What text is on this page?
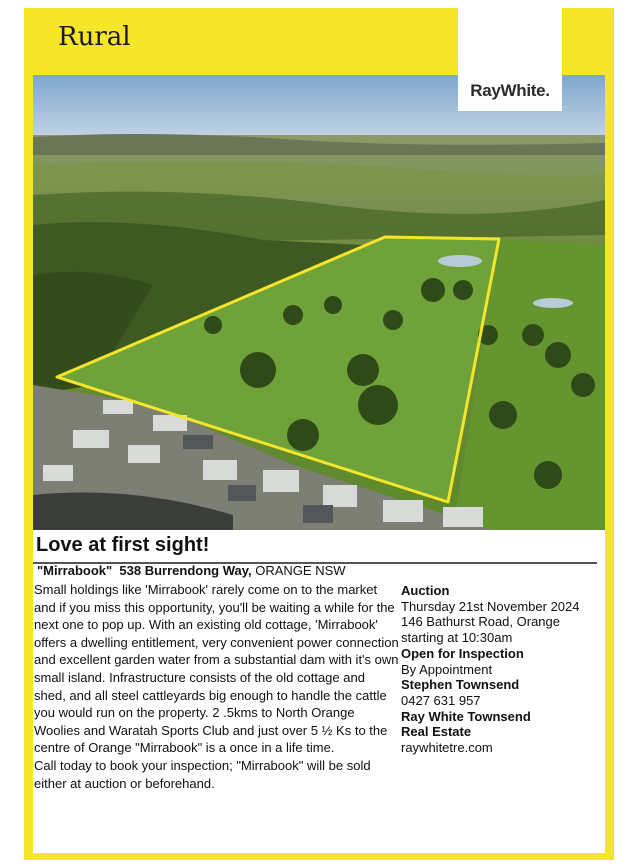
Rural
RayWhite.
Love at first sight!
"Mirrabook" 538 Burrendong Way, ORANGE NSW

Small holdings like 'Mirrabook' rarely come on to the market and if you miss this opportunity, you'll be waiting a while for the next one to pop up. With an existing old cottage, 'Mirrabook' offers a dwelling entitlement, very convenient power connection and excellent garden water from a substantial dam with it's own small island. Infrastructure consists of the old cottage and shed, and all steel cattleyards big enough to handle the cattle you would run on the property. 2 .5kms to North Orange Woolies and Waratah Sports Club and just over 5 ½ Ks to the centre of Orange "Mirrabook" is a once in a life time.

Call today to book your inspection; "Mirrabook" will be sold either at auction or beforehand.

Auction
Thursday 21st November 2024
146 Bathurst Road, Orange
starting at 10:30am
Open for Inspection
By Appointment
Stephen Townsend
0427 631 957
Ray White Townsend
Real Estate
raywhitetre.com
